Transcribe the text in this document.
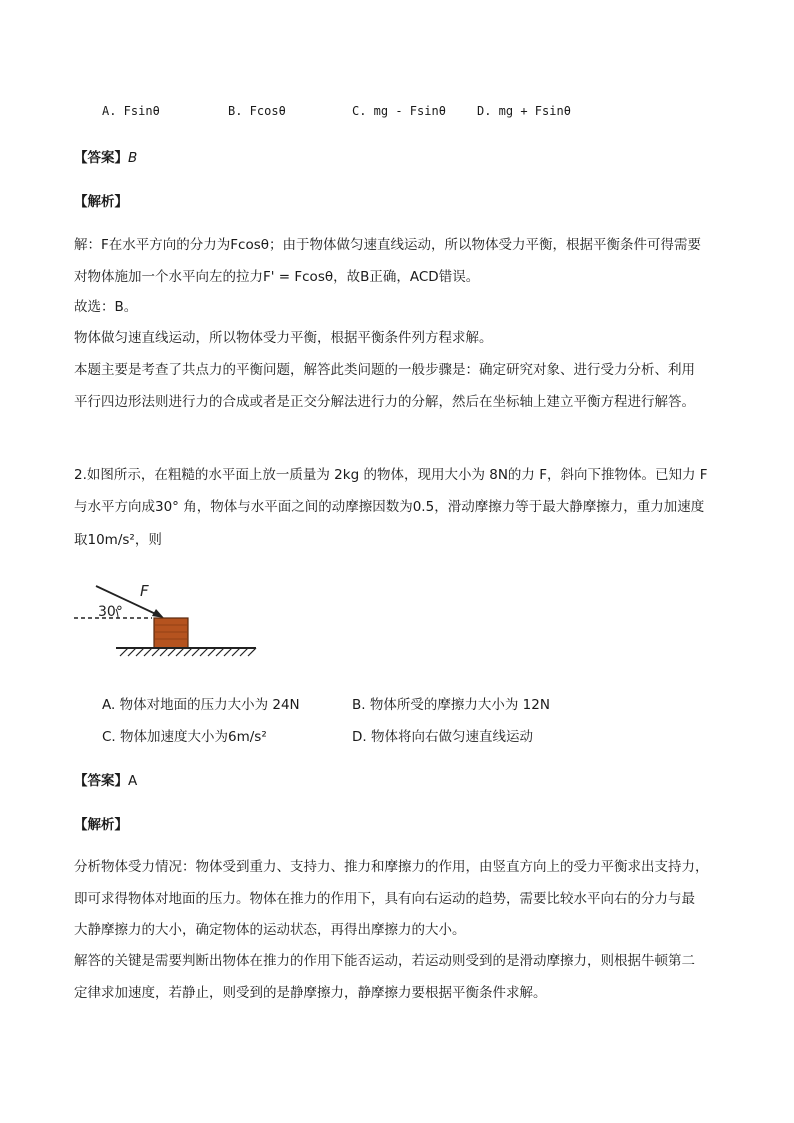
A. Fsinθ	B. Fcosθ	C. mg - Fsinθ	D. mg + Fsinθ
【答案】B
【解析】
解：F在水平方向的分力为Fcosθ；由于物体做匀速直线运动，所以物体受力平衡，根据平衡条件可得需要
对物体施加一个水平向左的拉力F' = Fcosθ，故B正确，ACD错误。
故选：B。
物体做匀速直线运动，所以物体受力平衡，根据平衡条件列方程求解。
本题主要是考查了共点力的平衡问题，解答此类问题的一般步骤是：确定研究对象、进行受力分析、利用
平行四边形法则进行力的合成或者是正交分解法进行力的分解，然后在坐标轴上建立平衡方程进行解答。
2.如图所示，在粗糙的水平面上放一质量为 2kg 的物体，现用大小为 8N的力 F，斜向下推物体。已知力 F
与水平方向成30° 角，物体与水平面之间的动摩擦因数为0.5，滑动摩擦力等于最大静摩擦力，重力加速度
取10m/s²，则
F
30°
A. 物体对地面的压力大小为 24N	B. 物体所受的摩擦力大小为 12N
C. 物体加速度大小为6m/s²	D. 物体将向右做匀速直线运动
【答案】A
【解析】
分析物体受力情况：物体受到重力、支持力、推力和摩擦力的作用，由竖直方向上的受力平衡求出支持力，
即可求得物体对地面的压力。物体在推力的作用下，具有向右运动的趋势，需要比较水平向右的分力与最
大静摩擦力的大小，确定物体的运动状态，再得出摩擦力的大小。
解答的关键是需要判断出物体在推力的作用下能否运动，若运动则受到的是滑动摩擦力，则根据牛顿第二
定律求加速度，若静止，则受到的是静摩擦力，静摩擦力要根据平衡条件求解。
